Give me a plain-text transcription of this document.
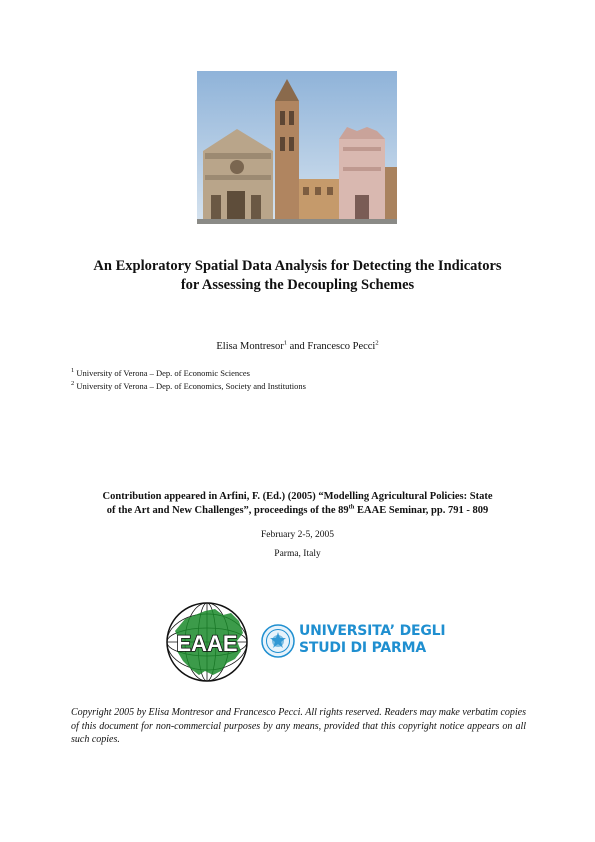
An Exploratory Spatial Data Analysis for Detecting the Indicators
for Assessing the Decoupling Schemes
Elisa Montresor$^1$ and Francesco Pecci$^2$
$^1$ University of Verona – Dep. of Economic Sciences
$^2$ University of Verona – Dep. of Economics, Society and Institutions
Contribution appeared in Arfini, F. (Ed.) (2005) “Modelling Agricultural Policies: State
of the Art and New Challenges”, proceedings of the 89th EAAE Seminar, pp. 791 - 809
February 2-5, 2005
Parma, Italy
EAAE	UNIVERSITA’ DEGLI
STUDI DI PARMA
Copyright 2005 by Elisa Montresor and Francesco Pecci. All rights reserved. Readers may make verbatim copies of this document for non-commercial purposes by any means, provided that this copyright notice appears on all such copies.
